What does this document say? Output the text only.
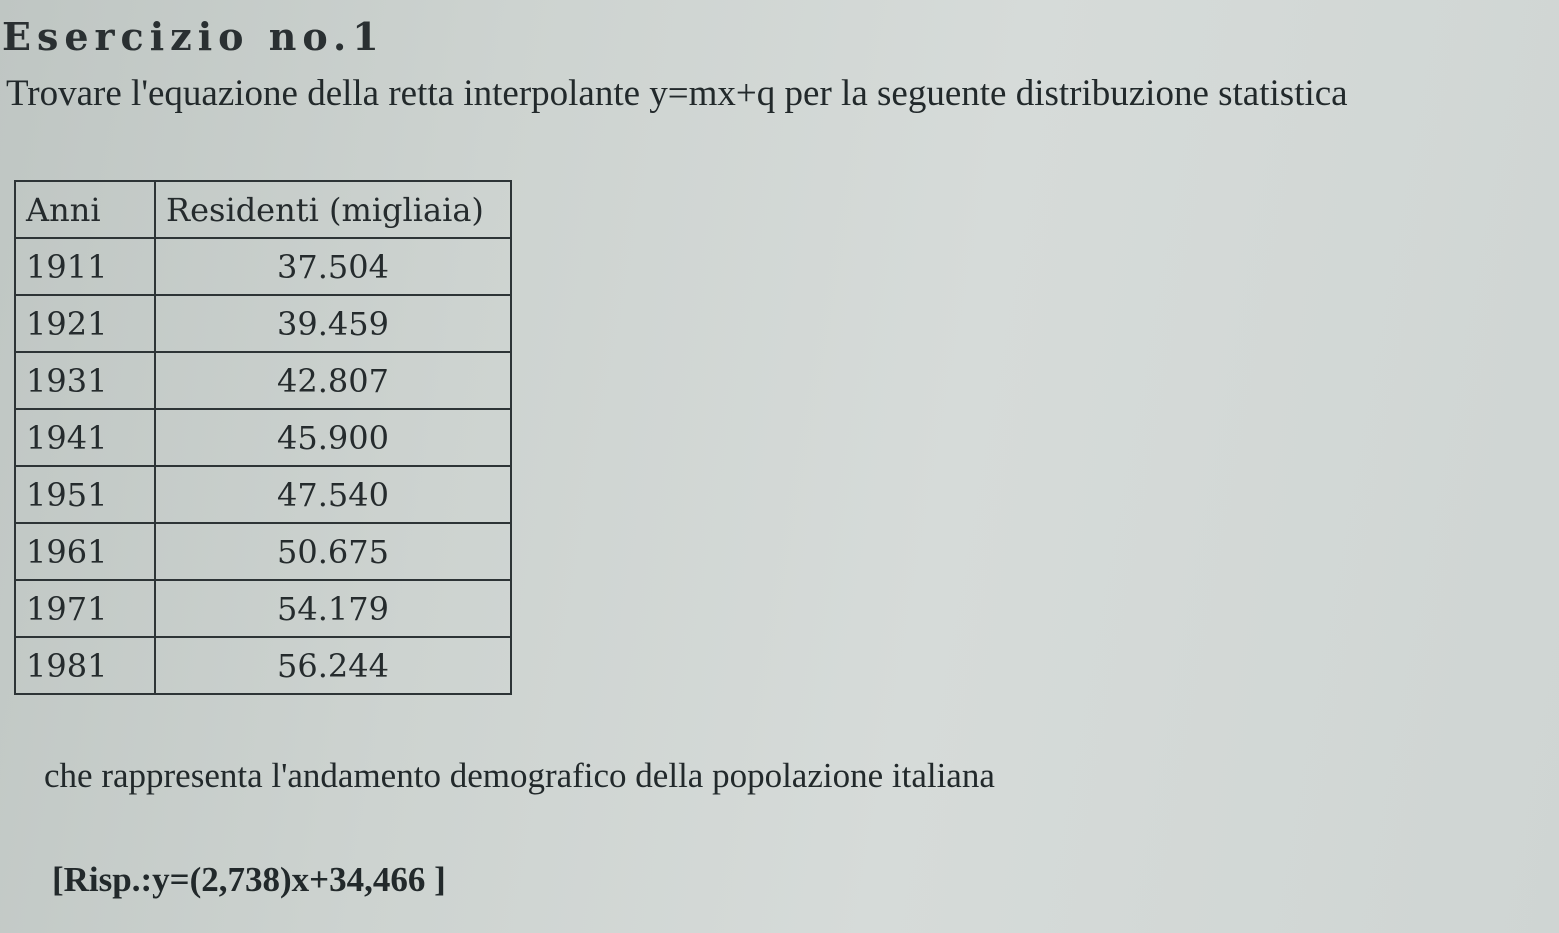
Esercizio no.1
Trovare l'equazione della retta interpolante y=mx+q per la seguente distribuzione statistica
Anni	Residenti (migliaia)
1911	37.504
1921	39.459
1931	42.807
1941	45.900
1951	47.540
1961	50.675
1971	54.179
1981	56.244
che rappresenta l'andamento demografico della popolazione italiana
[Risp.:y=(2,738)x+34,466 ]
